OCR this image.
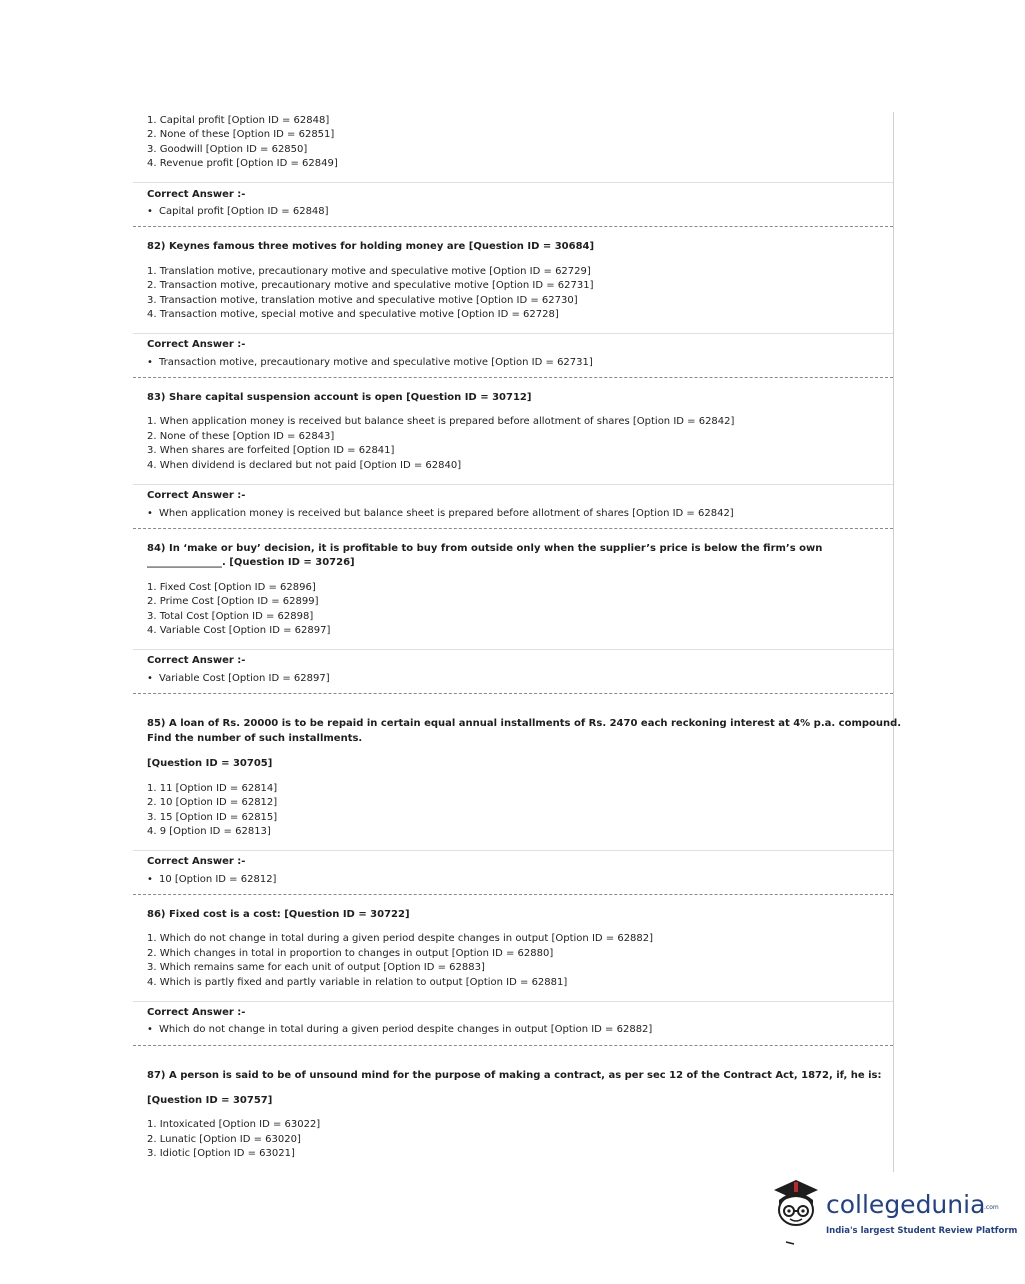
1. Capital profit [Option ID = 62848]
2. None of these [Option ID = 62851]
3. Goodwill [Option ID = 62850]
4. Revenue profit [Option ID = 62849]
Correct Answer :-
• Capital profit [Option ID = 62848]
82) Keynes famous three motives for holding money are [Question ID = 30684]
1. Translation motive, precautionary motive and speculative motive [Option ID = 62729]
2. Transaction motive, precautionary motive and speculative motive [Option ID = 62731]
3. Transaction motive, translation motive and speculative motive [Option ID = 62730]
4. Transaction motive, special motive and speculative motive [Option ID = 62728]
Correct Answer :-
• Transaction motive, precautionary motive and speculative motive [Option ID = 62731]
83) Share capital suspension account is open [Question ID = 30712]
1. When application money is received but balance sheet is prepared before allotment of shares [Option ID = 62842]
2. None of these [Option ID = 62843]
3. When shares are forfeited [Option ID = 62841]
4. When dividend is declared but not paid [Option ID = 62840]
Correct Answer :-
• When application money is received but balance sheet is prepared before allotment of shares [Option ID = 62842]
84) In ‘make or buy’ decision, it is profitable to buy from outside only when the supplier’s price is below the firm’s own
_______________. [Question ID = 30726]
1. Fixed Cost [Option ID = 62896]
2. Prime Cost [Option ID = 62899]
3. Total Cost [Option ID = 62898]
4. Variable Cost [Option ID = 62897]
Correct Answer :-
• Variable Cost [Option ID = 62897]
85) A loan of Rs. 20000 is to be repaid in certain equal annual installments of Rs. 2470 each reckoning interest at 4% p.a. compound.
Find the number of such installments.
[Question ID = 30705]
1. 11 [Option ID = 62814]
2. 10 [Option ID = 62812]
3. 15 [Option ID = 62815]
4. 9 [Option ID = 62813]
Correct Answer :-
• 10 [Option ID = 62812]
86) Fixed cost is a cost: [Question ID = 30722]
1. Which do not change in total during a given period despite changes in output [Option ID = 62882]
2. Which changes in total in proportion to changes in output [Option ID = 62880]
3. Which remains same for each unit of output [Option ID = 62883]
4. Which is partly fixed and partly variable in relation to output [Option ID = 62881]
Correct Answer :-
• Which do not change in total during a given period despite changes in output [Option ID = 62882]
87) A person is said to be of unsound mind for the purpose of making a contract, as per sec 12 of the Contract Act, 1872, if, he is:
[Question ID = 30757]
1. Intoxicated [Option ID = 63022]
2. Lunatic [Option ID = 63020]
3. Idiotic [Option ID = 63021]
collegedunia
.com
India's largest Student Review Platform
